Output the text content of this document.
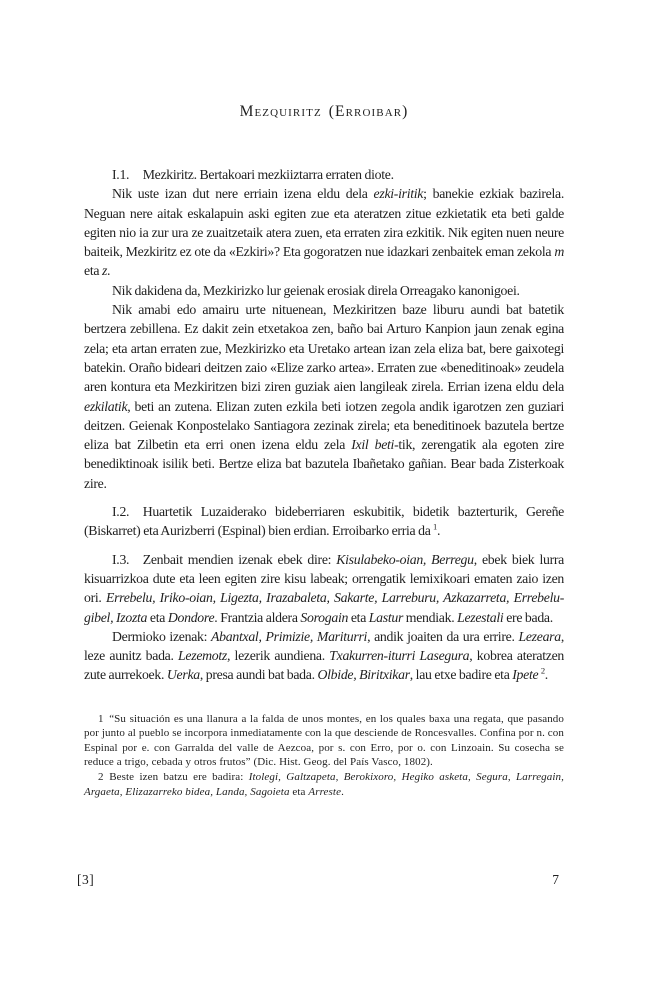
Mezquiritz (Erroibar)

I.1. Mezkiritz. Bertakoari mezkiiztarra erraten diote.

Nik uste izan dut nere erriain izena eldu dela ezki-iritik; banekie ezkiak bazirela. Neguan nere aitak eskalapuin aski egiten zue eta ateratzen zitue ezkietatik eta beti galde egiten nio ia zur ura ze zuaitzetaik atera zuen, eta erraten zira ezkitik. Nik egiten nuen neure baiteik, Mezkiritz ez ote da «Ezkiri»? Eta gogoratzen nue idazkari zenbaitek eman zekola m eta z.

Nik dakidena da, Mezkirizko lur geienak erosiak direla Orreagako kanonigoei.

Nik amabi edo amairu urte nituenean, Mezkiritzen baze liburu aundi bat batetik bertzera zebillena. Ez dakit zein etxetakoa zen, baño bai Arturo Kanpion jaun zenak egina zela; eta artan erraten zue, Mezkirizko eta Uretako artean izan zela eliza bat, bere gaixotegi batekin. Oraño bideari deitzen zaio «Elize zarko artea». Erraten zue «beneditinoak» zeudela aren kontura eta Mezkiritzen bizi ziren guziak aien langileak zirela. Errian izena eldu dela ezkilatik, beti an zutena. Elizan zuten ezkila beti iotzen zegola andik igarotzen zen guziari deitzen. Geienak Konpostelako Santiagora zezinak zirela; eta beneditinoek bazutela bertze eliza bat Zilbetin eta erri onen izena eldu zela Ixil beti-tik, zerengatik ala egoten zire benediktinoak isilik beti. Bertze eliza bat bazutela Ibañetako gañian. Bear bada Zisterkoak zire.

I.2. Huartetik Luzaiderako bideberriaren eskubitik, bidetik bazterturik, Gereñe (Biskarret) eta Aurizberri (Espinal) bien erdian. Erroibarko erria da $^1$.

I.3. Zenbait mendien izenak ebek dire: Kisulabeko-oian, Berregu, ebek biek lurra kisuarrizkoa dute eta leen egiten zire kisu labeak; orrengatik lemixikoari ematen zaio izen ori. Errebelu, Iriko-oian, Ligezta, Irazabaleta, Sakarte, Larreburu, Azkazarreta, Errebelu-gibel, Izozta eta Dondore. Frantzia aldera Sorogain eta Lastur mendiak. Lezestali ere bada.

Dermioko izenak: Abantxal, Primizie, Mariturri, andik joaiten da ura errire. Lezeara, leze aunitz bada. Lezemotz, lezerik aundiena. Txakurren-iturri Lasegura, kobrea ateratzen zute aurrekoek. Uerka, presa aundi bat bada. Olbide, Biritxikar, lau etxe badire eta Ipete  $^2$.

1 “Su situación es una llanura a la falda de unos montes, en los quales baxa una regata, que pasando por junto al pueblo se incorpora inmediatamente con la que desciende de Roncesvalles. Confina por n. con Espinal por e. con Garralda del valle de Aezcoa, por s. con Erro, por o. con Linzoain. Su cosecha se reduce a trigo, cebada y otros frutos” (Dic. Hist. Geog. del País Vasco, 1802).

2 Beste izen batzu ere badira: Itolegi, Galtzapeta, Berokixoro, Hegiko asketa, Segura, Larregain, Argaeta, Elizazarreko bidea, Landa, Sagoieta eta Arreste.

[3]	7
